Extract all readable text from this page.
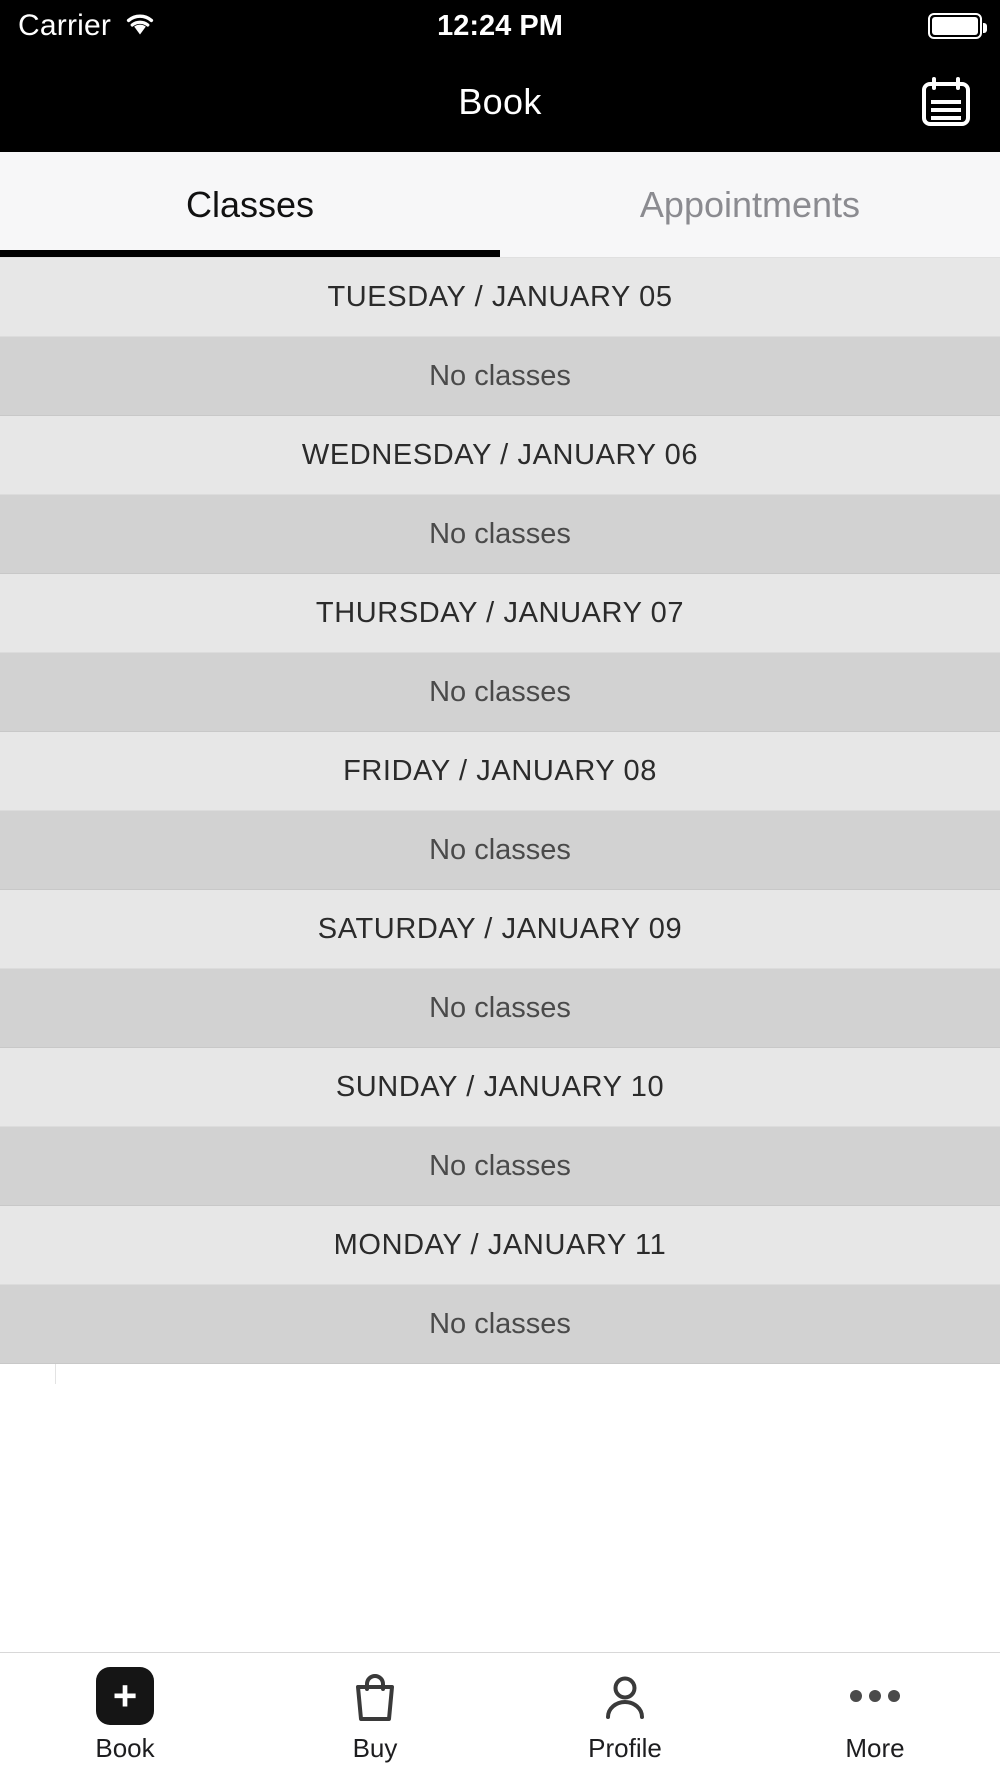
Carrier	12:24 PM
Book
Classes	Appointments
TUESDAY / JANUARY 05
No classes
WEDNESDAY / JANUARY 06
No classes
THURSDAY / JANUARY 07
No classes
FRIDAY / JANUARY 08
No classes
SATURDAY / JANUARY 09
No classes
SUNDAY / JANUARY 10
No classes
MONDAY / JANUARY 11
No classes
+
Book	Buy	Profile	More
